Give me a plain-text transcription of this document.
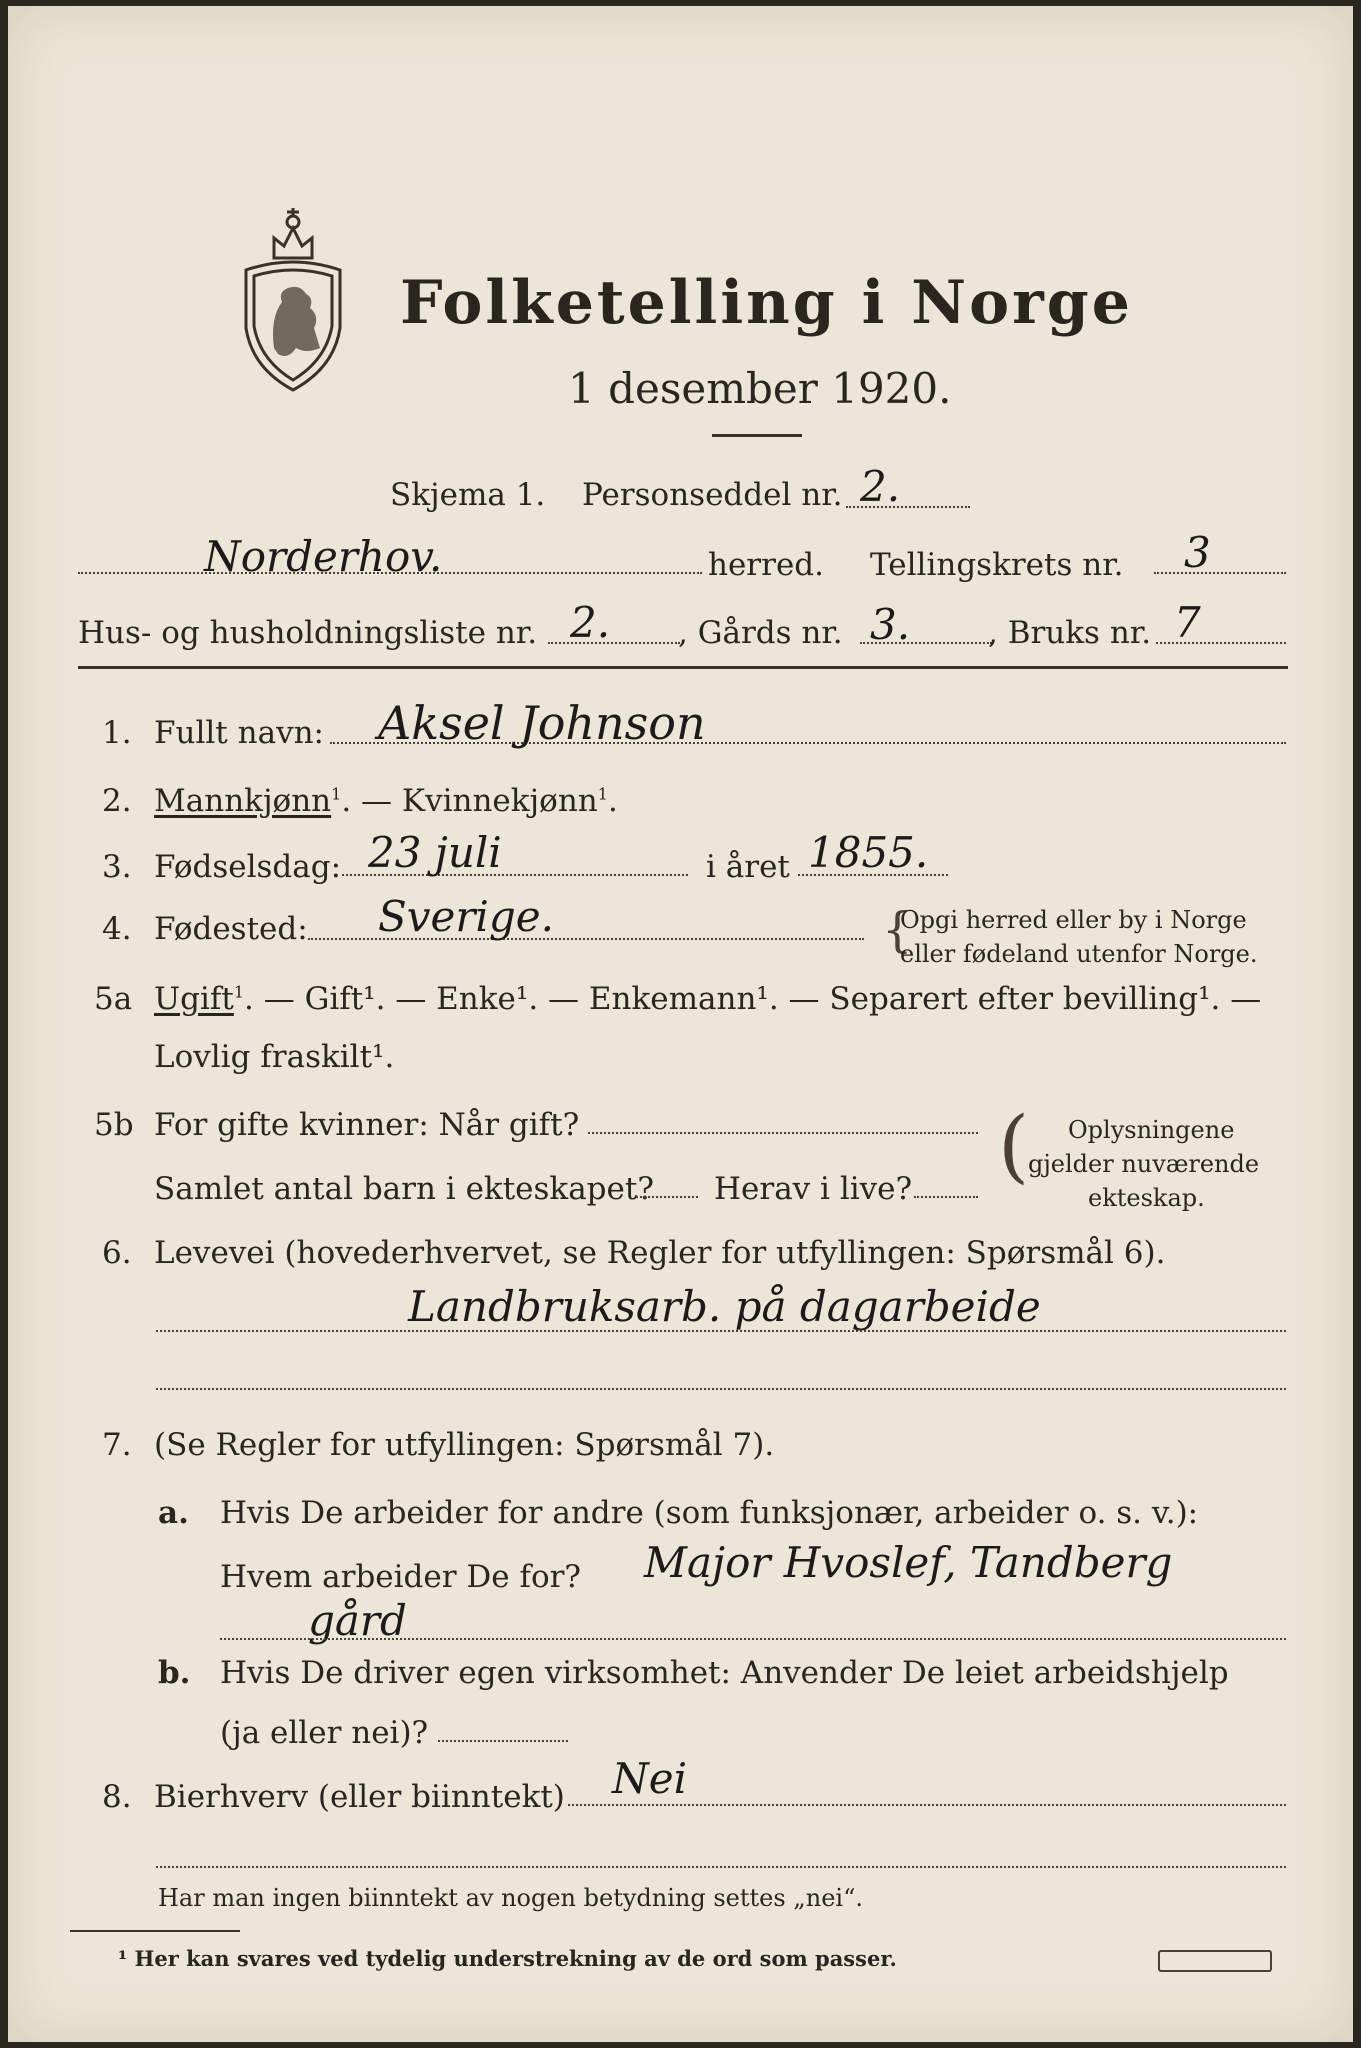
Folketelling i Norge
1 desember 1920.
Skjema 1. Personseddel nr. 2.
Norderhov.	herred. Tellingskrets nr. 3
Hus- og husholdningsliste nr. 2. , Gårds nr. 3.	, Bruks nr. 7
1. Fullt navn: Aksel Johnson
2. Mannkjønn$^1$. — Kvinnekjønn$^1$.
3. Fødselsdag: 23 juli	i året 1855.
4. Fødested: Sverige.	{
Opgi herred eller by i Norge
eller fødeland utenfor Norge.
5a Ugift$^1$. — Gift¹. — Enke¹. — Enkemann¹. — Separert efter bevilling¹. —
Lovlig fraskilt¹.
5b For gifte kvinner: Når gift?
Samlet antal barn i ekteskapet? Herav i live? ( Oplysningene
gjelder nuværende
ekteskap.
6. Levevei (hovederhvervet, se Regler for utfyllingen: Spørsmål 6).
Landbruksarb. på dagarbeide
7. (Se Regler for utfyllingen: Spørsmål 7).
a. Hvis De arbeider for andre (som funksjonær, arbeider o. s. v.):
Hvem arbeider De for? Major Hvoslef, Tandberg
gård
b. Hvis De driver egen virksomhet: Anvender De leiet arbeidshjelp
(ja eller nei)?
8. Bierhverv (eller biinntekt) Nei
Har man ingen biinntekt av nogen betydning settes „nei“.
¹ Her kan svares ved tydelig understrekning av de ord som passer.
